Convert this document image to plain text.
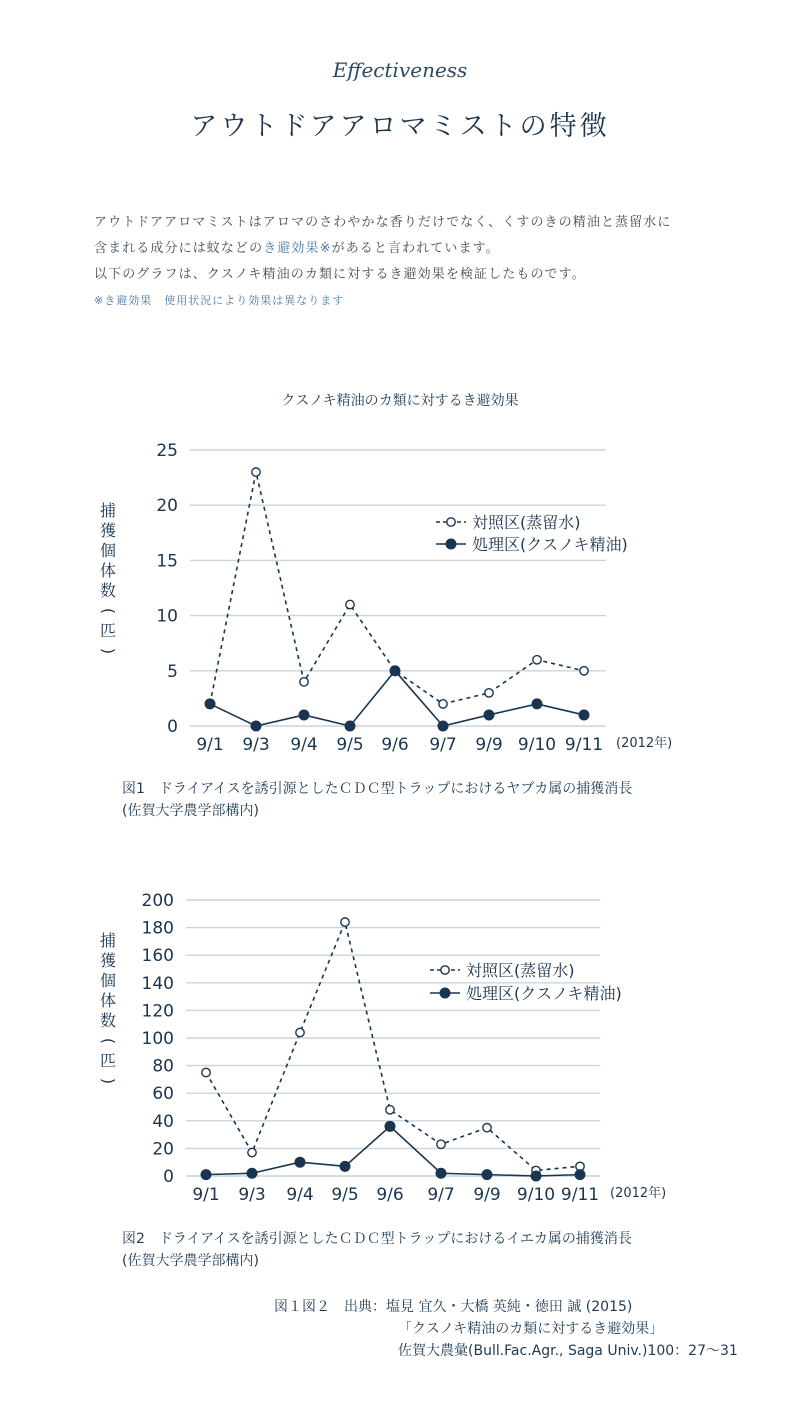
Effectiveness
アウトドアアロマミストの特徴

アウトドアアロマミストはアロマのさわやかな香りだけでなく、くすのきの精油と蒸留水に

含まれる成分には蚊などのき避効果※があると言われています。

以下のグラフは、クスノキ精油のカ類に対するき避効果を検証したものです。

※き避効果　使用状況により効果は異なります

クスノキ精油のカ類に対するき避効果
0
5
10
15
20
25
9/1 9/3 9/4 9/5 9/6 9/7 9/9 9/10 9/11 (2012年)
捕
獲
個
体
数
(
匹
)
対照区(蒸留水)
処理区(クスノキ精油)

図1　ドライアイスを誘引源としたＣＤＣ型トラップにおけるヤブカ属の捕獲消長

(佐賀大学農学部構内)

0
20
40
60
80
100
120
140
160
180
200
9/1 9/3 9/4 9/5 9/6 9/7 9/9 9/10 9/11 (2012年)
捕
獲
個
体
数
(
匹
)
対照区(蒸留水)
処理区(クスノキ精油)

図2　ドライアイスを誘引源としたＣＤＣ型トラップにおけるイエカ属の捕獲消長

(佐賀大学農学部構内)

図１図２　出典：塩見 宜久・大橋 英純・徳田 誠 (2015)

「クスノキ精油のカ類に対するき避効果」

佐賀大農彙(Bull.Fac.Agr., Saga Univ.)100：27〜31
